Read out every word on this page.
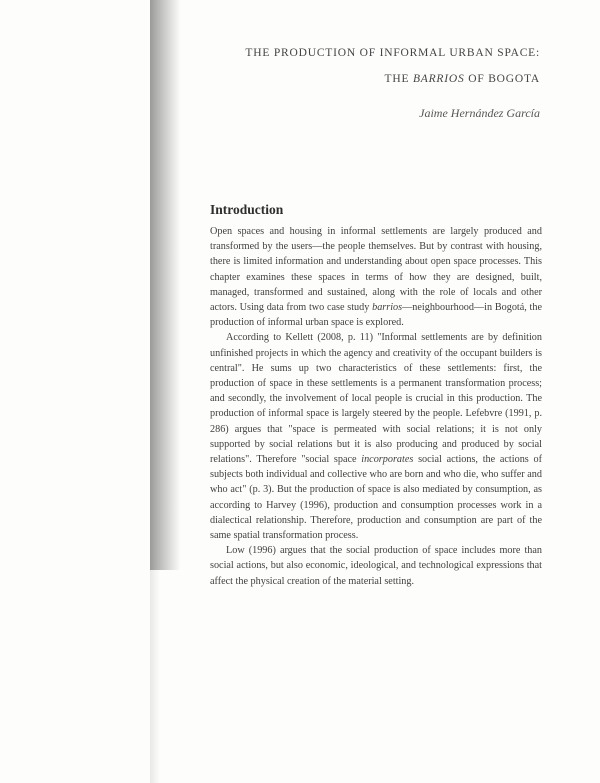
THE PRODUCTION OF INFORMAL URBAN SPACE:

THE BARRIOS OF BOGOTA

Jaime Hernández García

Introduction

Open spaces and housing in informal settlements are largely produced and transformed by the users—the people themselves. But by contrast with housing, there is limited information and understanding about open space processes. This chapter examines these spaces in terms of how they are designed, built, managed, transformed and sustained, along with the role of locals and other actors. Using data from two case study barrios—neighbourhood—in Bogotá, the production of informal urban space is explored.

According to Kellett (2008, p. 11) "Informal settlements are by definition unfinished projects in which the agency and creativity of the occupant builders is central". He sums up two characteristics of these settlements: first, the production of space in these settlements is a permanent transformation process; and secondly, the involvement of local people is crucial in this production. The production of informal space is largely steered by the people. Lefebvre (1991, p. 286) argues that "space is permeated with social relations; it is not only supported by social relations but it is also producing and produced by social relations". Therefore "social space incorporates social actions, the actions of subjects both individual and collective who are born and who die, who suffer and who act" (p. 3). But the production of space is also mediated by consumption, as according to Harvey (1996), production and consumption processes work in a dialectical relationship. Therefore, production and consumption are part of the same spatial transformation process.

Low (1996) argues that the social production of space includes more than social actions, but also economic, ideological, and technological expressions that affect the physical creation of the material setting.
